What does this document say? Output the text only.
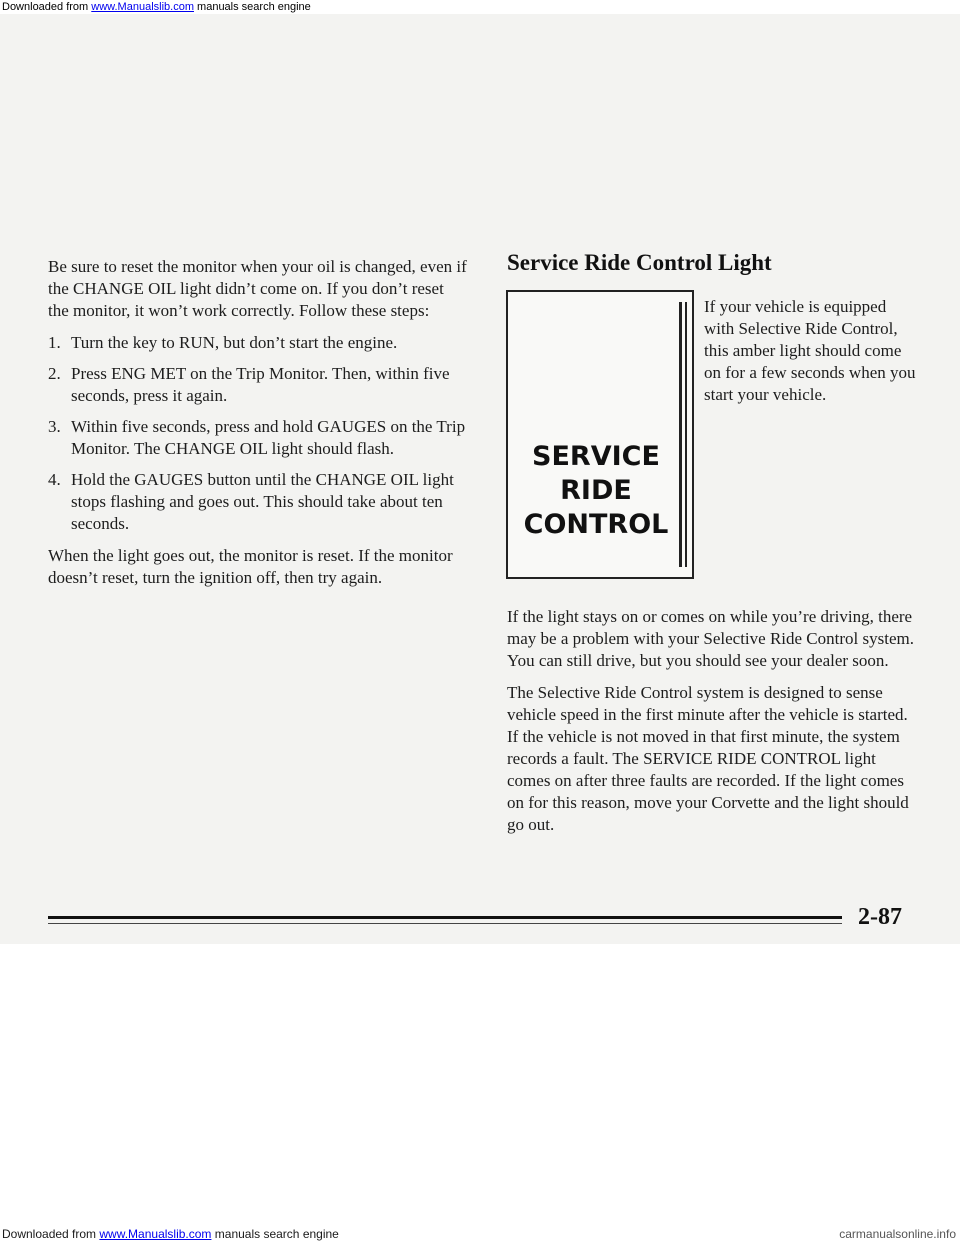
Downloaded from www.Manualslib.com manuals search engine

Be sure to reset the monitor when your oil is changed, even if the CHANGE OIL light didn’t come on. If you don’t reset the monitor, it won’t work correctly. Follow these steps:

1. Turn the key to RUN, but don’t start the engine.
2. Press ENG MET on the Trip Monitor. Then, within five seconds, press it again.
3. Within five seconds, press and hold GAUGES on the Trip Monitor. The CHANGE OIL light should flash.
4. Hold the GAUGES button until the CHANGE OIL light stops flashing and goes out. This should take about ten seconds.

When the light goes out, the monitor is reset. If the monitor doesn’t reset, turn the ignition off, then try again.

Service Ride Control Light
SERVICE
RIDE
CONTROL

If your vehicle is equipped with Selective Ride Control, this amber light should come on for a few seconds when you start your vehicle.

If the light stays on or comes on while you’re driving, there may be a problem with your Selective Ride Control system. You can still drive, but you should see your dealer soon.

The Selective Ride Control system is designed to sense vehicle speed in the first minute after the vehicle is started. If the vehicle is not moved in that first minute, the system records a fault. The SERVICE RIDE CONTROL light comes on after three faults are recorded. If the light comes on for this reason, move your Corvette and the light should go out.

2-87
Downloaded from www.Manualslib.com manuals search engine	carmanualsonline.info
